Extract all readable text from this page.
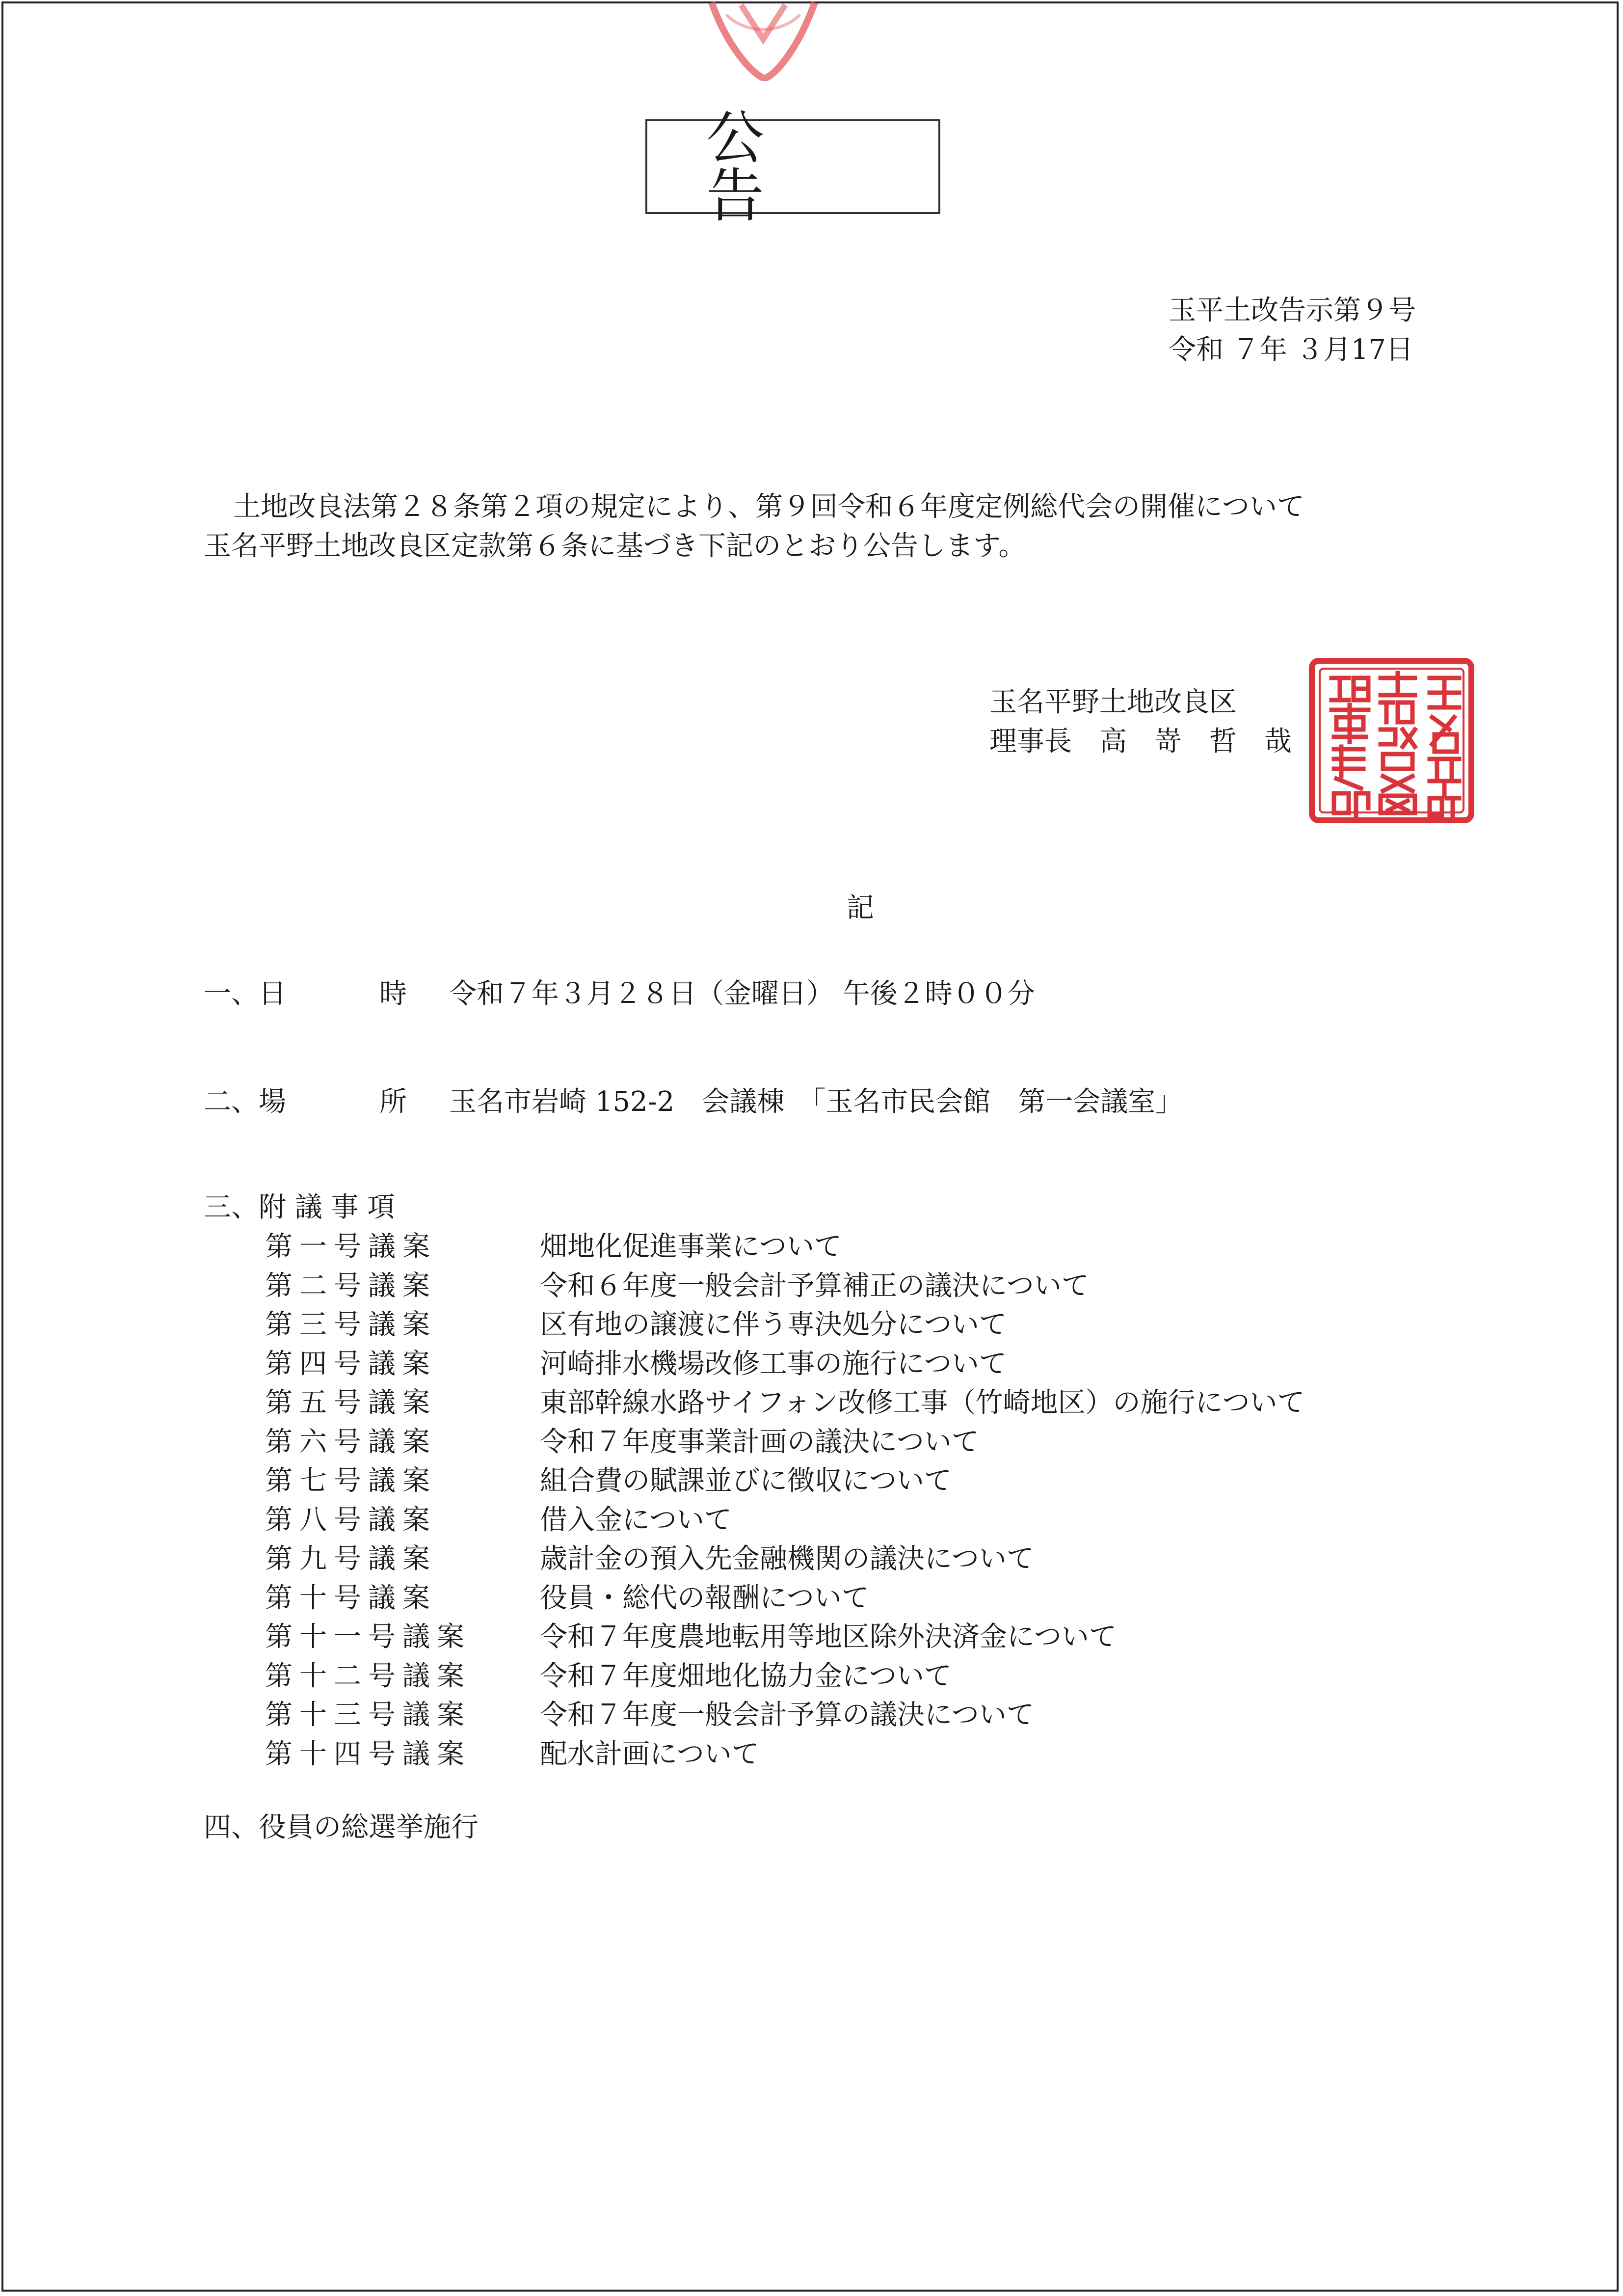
公 告
玉平土改告示第９号
令和 ７年 ３月17日
土地改良法第２８条第２項の規定により、第９回令和６年度定例総代会の開催について
玉名平野土地改良区定款第６条に基づき下記のとおり公告します。
玉名平野土地改良区
理事長　高　嵜　哲　哉
記
一、日	時 令和７年３月２８日（金曜日） 午後２時００分
二、場	所 玉名市岩崎 152-2　会議棟　「玉名市民会館　第一会議室」
三、附 議 事 項
第一号議案	畑地化促進事業について
第二号議案	令和６年度一般会計予算補正の議決について
第三号議案	区有地の譲渡に伴う専決処分について
第四号議案	河崎排水機場改修工事の施行について
第五号議案	東部幹線水路サイフォン改修工事（竹崎地区）の施行について
第六号議案	令和７年度事業計画の議決について
第七号議案	組合費の賦課並びに徴収について
第八号議案	借入金について
第九号議案	歳計金の預入先金融機関の議決について
第十号議案	役員・総代の報酬について
第十一号議案	令和７年度農地転用等地区除外決済金について
第十二号議案	令和７年度畑地化協力金について
第十三号議案	令和７年度一般会計予算の議決について
第十四号議案	配水計画について
四、役員の総選挙施行
